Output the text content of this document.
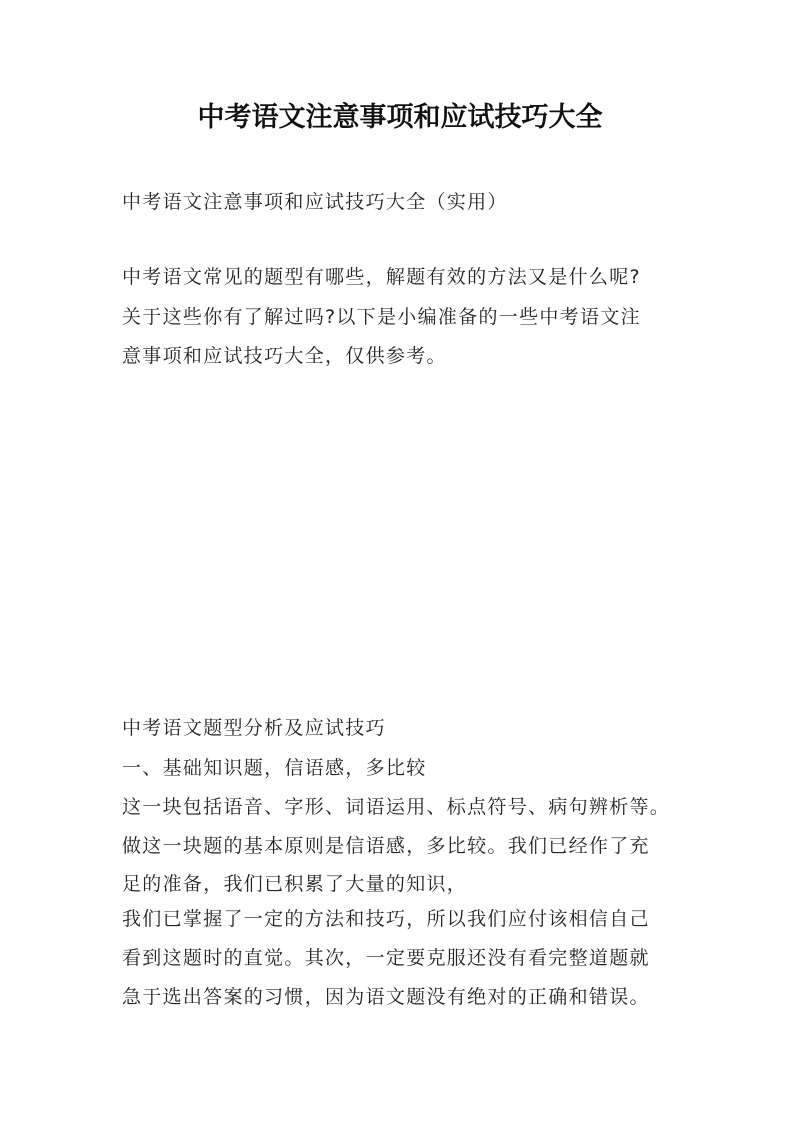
中考语文注意事项和应试技巧大全
中考语文注意事项和应试技巧大全（实用）
中考语文常见的题型有哪些，解题有效的方法又是什么呢?
关于这些你有了解过吗?以下是小编准备的一些中考语文注
意事项和应试技巧大全，仅供参考。
中考语文题型分析及应试技巧
一、基础知识题，信语感，多比较
这一块包括语音、字形、词语运用、标点符号、病句辨析等。
做这一块题的基本原则是信语感，多比较。我们已经作了充
足的准备，我们已积累了大量的知识，
我们已掌握了一定的方法和技巧，所以我们应付该相信自己
看到这题时的直觉。其次，一定要克服还没有看完整道题就
急于选出答案的习惯，因为语文题没有绝对的正确和错误。
